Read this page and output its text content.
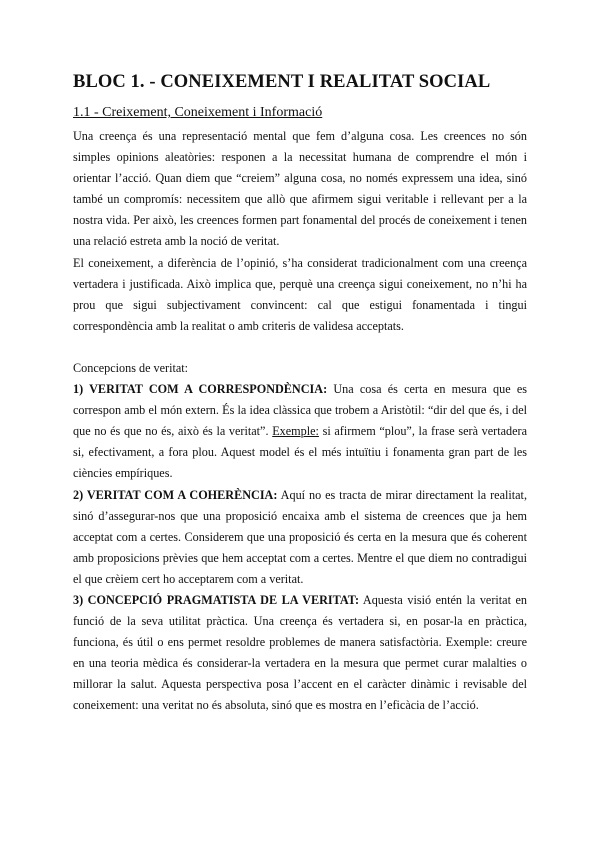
BLOC 1. - CONEIXEMENT I REALITAT SOCIAL
1.1 - Creixement, Coneixement i Informació

Una creença és una representació mental que fem d’alguna cosa. Les creences no són simples opinions aleatòries: responen a la necessitat humana de comprendre el món i orientar l’acció. Quan diem que “creiem” alguna cosa, no només expressem una idea, sinó també un compromís: necessitem que allò que afirmem sigui veritable i rellevant per a la nostra vida. Per això, les creences formen part fonamental del procés de coneixement i tenen una relació estreta amb la noció de veritat.

El coneixement, a diferència de l’opinió, s’ha considerat tradicionalment com una creença vertadera i justificada. Això implica que, perquè una creença sigui coneixement, no n’hi ha prou que sigui subjectivament convincent: cal que estigui fonamentada i tingui correspondència amb la realitat o amb criteris de validesa acceptats.

Concepcions de veritat:

1) VERITAT COM A CORRESPONDÈNCIA: Una cosa és certa en mesura que es correspon amb el món extern. És la idea clàssica que trobem a Aristòtil: “dir del que és, i del que no és que no és, això és la veritat”. Exemple: si afirmem “plou”, la frase serà vertadera si, efectivament, a fora plou. Aquest model és el més intuïtiu i fonamenta gran part de les ciències empíriques.

2) VERITAT COM A COHERÈNCIA: Aquí no es tracta de mirar directament la realitat, sinó d’assegurar-nos que una proposició encaixa amb el sistema de creences que ja hem acceptat com a certes. Considerem que una proposició és certa en la mesura que és coherent amb proposicions prèvies que hem acceptat com a certes. Mentre el que diem no contradigui el que crèiem cert ho acceptarem com a veritat.

3) CONCEPCIÓ PRAGMATISTA DE LA VERITAT: Aquesta visió entén la veritat en funció de la seva utilitat pràctica. Una creença és vertadera si, en posar-la en pràctica, funciona, és útil o ens permet resoldre problemes de manera satisfactòria. Exemple: creure en una teoria mèdica és considerar-la vertadera en la mesura que permet curar malalties o millorar la salut. Aquesta perspectiva posa l’accent en el caràcter dinàmic i revisable del coneixement: una veritat no és absoluta, sinó que es mostra en l’eficàcia de l’acció.
